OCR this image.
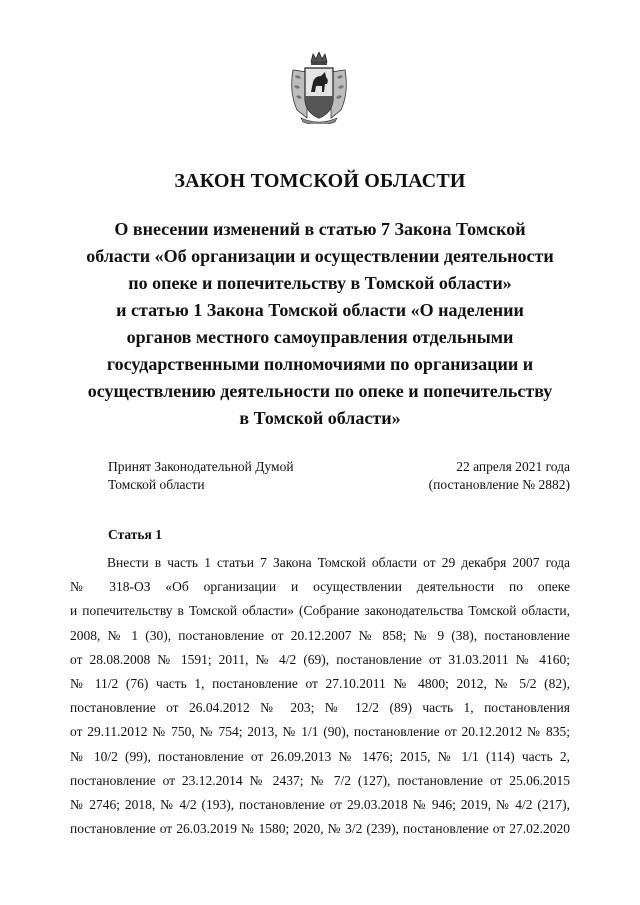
ЗАКОН ТОМСКОЙ ОБЛАСТИ
О внесении изменений в статью 7 Закона Томской
области «Об организации и осуществлении деятельности
по опеке и попечительству в Томской области»
и статью 1 Закона Томской области «О наделении
органов местного самоуправления отдельными
государственными полномочиями по организации и
осуществлению деятельности по опеке и попечительству
в Томской области»
Принят Законодательной Думой
Томской области
22 апреля 2021 года
(постановление № 2882)
Статья 1
Внести в часть 1 статьи 7 Закона Томской области от 29 декабря 2007 года
№ 318-ОЗ «Об организации и осуществлении деятельности по опеке
и попечительству в Томской области» (Собрание законодательства Томской области,
2008, № 1 (30), постановление от 20.12.2007 № 858; № 9 (38), постановление
от 28.08.2008 № 1591; 2011, № 4/2 (69), постановление от 31.03.2011 № 4160;
№ 11/2 (76) часть 1, постановление от 27.10.2011 № 4800; 2012, № 5/2 (82),
постановление от 26.04.2012 № 203; № 12/2 (89) часть 1, постановления
от 29.11.2012 № 750, № 754; 2013, № 1/1 (90), постановление от 20.12.2012 № 835;
№ 10/2 (99), постановление от 26.09.2013 № 1476; 2015, № 1/1 (114) часть 2,
постановление от 23.12.2014 № 2437; № 7/2 (127), постановление от 25.06.2015
№ 2746; 2018, № 4/2 (193), постановление от 29.03.2018 № 946; 2019, № 4/2 (217),
постановление от 26.03.2019 № 1580; 2020, № 3/2 (239), постановление от 27.02.2020
